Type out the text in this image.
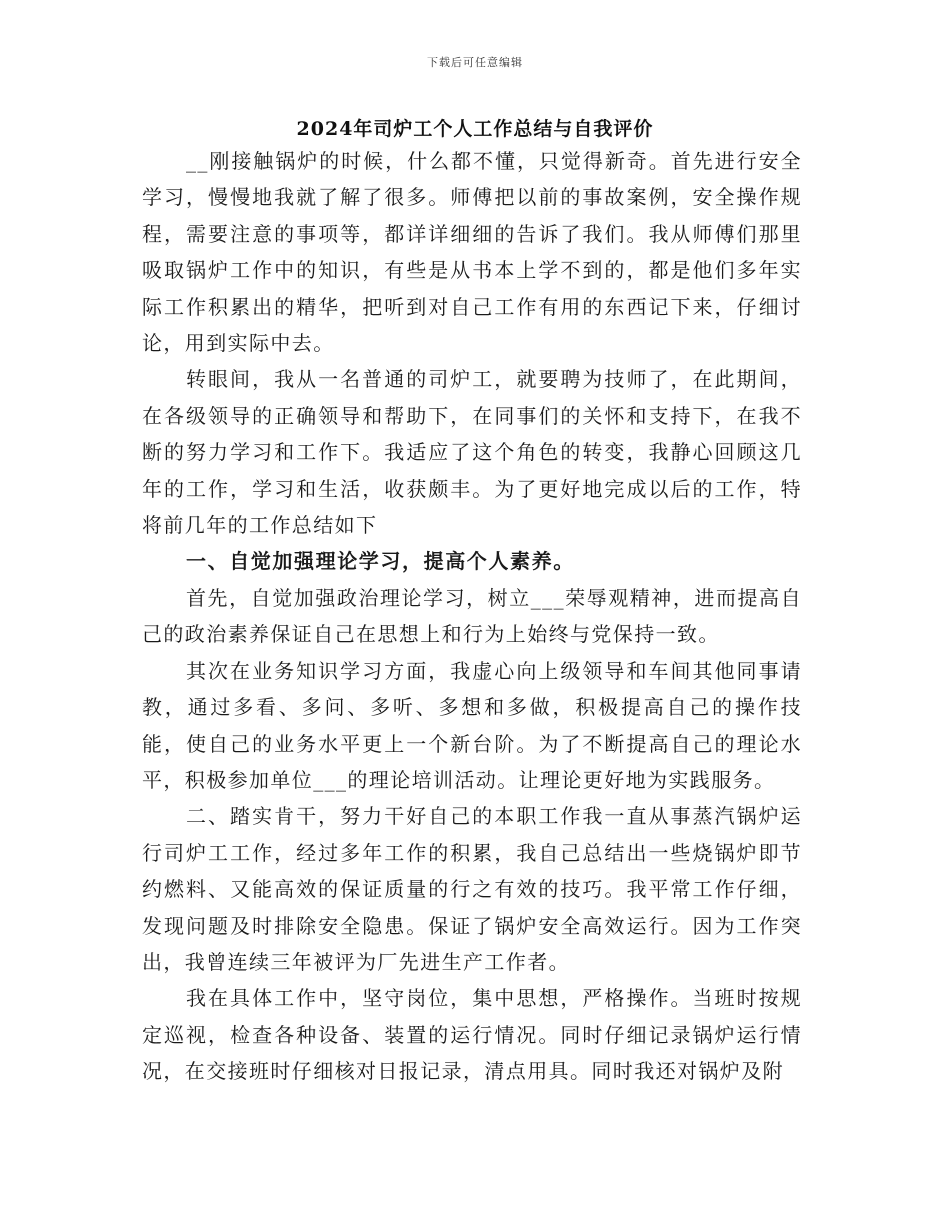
下载后可任意编辑
2024年司炉工个人工作总结与自我评价

__刚接触锅炉的时候，什么都不懂，只觉得新奇。首先进行安全学习，慢慢地我就了解了很多。师傅把以前的事故案例，安全操作规程，需要注意的事项等，都详详细细的告诉了我们。我从师傅们那里吸取锅炉工作中的知识，有些是从书本上学不到的，都是他们多年实际工作积累出的精华，把听到对自己工作有用的东西记下来，仔细讨论，用到实际中去。

转眼间，我从一名普通的司炉工，就要聘为技师了，在此期间，在各级领导的正确领导和帮助下，在同事们的关怀和支持下，在我不断的努力学习和工作下。我适应了这个角色的转变，我静心回顾这几年的工作，学习和生活，收获颇丰。为了更好地完成以后的工作，特将前几年的工作总结如下

一、自觉加强理论学习，提高个人素养。

首先，自觉加强政治理论学习，树立___荣辱观精神，进而提高自己的政治素养保证自己在思想上和行为上始终与党保持一致。

其次在业务知识学习方面，我虚心向上级领导和车间其他同事请教，通过多看、多问、多听、多想和多做，积极提高自己的操作技能，使自己的业务水平更上一个新台阶。为了不断提高自己的理论水平，积极参加单位___的理论培训活动。让理论更好地为实践服务。

二、踏实肯干，努力干好自己的本职工作我一直从事蒸汽锅炉运行司炉工工作，经过多年工作的积累，我自己总结出一些烧锅炉即节约燃料、又能高效的保证质量的行之有效的技巧。我平常工作仔细，发现问题及时排除安全隐患。保证了锅炉安全高效运行。因为工作突出，我曾连续三年被评为厂先进生产工作者。

我在具体工作中，坚守岗位，集中思想，严格操作。当班时按规定巡视，检查各种设备、装置的运行情况。同时仔细记录锅炉运行情况，在交接班时仔细核对日报记录，清点用具。同时我还对锅炉及附
